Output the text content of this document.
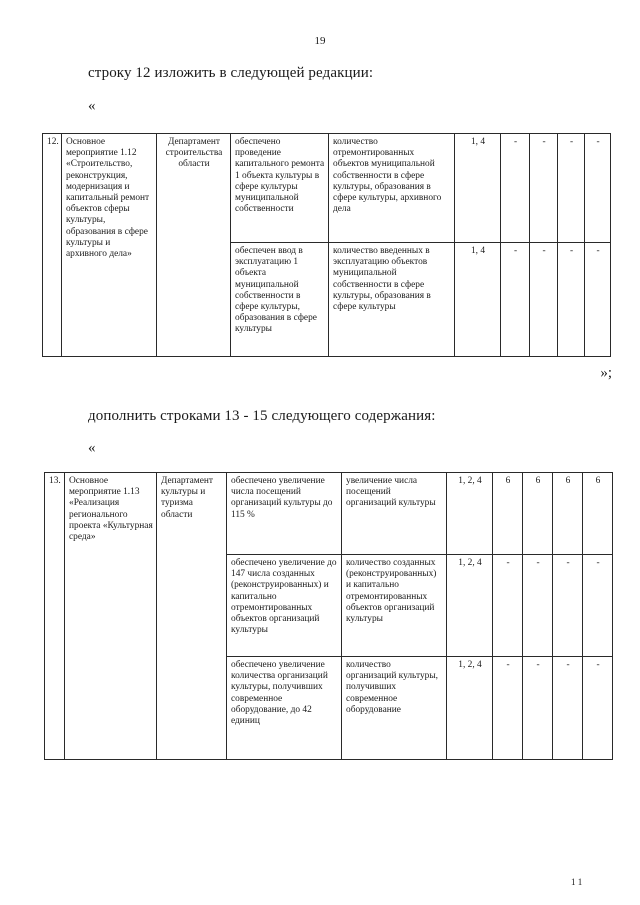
19
строку 12 изложить в следующей редакции:
«
12.	Основное мероприятие 1.12 «Строительство, реконструкция, модернизация и капитальный ремонт объектов сферы культуры, образования в сфере культуры и архивного дела»	Департамент строительства области	обеспечено проведение капитального ремонта 1 объекта культуры в сфере культуры муниципальной собственности	количество отремонтированных объектов муниципальной собственности в сфере культуры, образования в сфере культуры, архивного дела	1, 4	-	-	-	-
			обеспечен ввод в эксплуатацию 1 объекта муниципальной собственности в сфере культуры, образования в сфере культуры	количество введенных в эксплуатацию объектов муниципальной собственности в сфере культуры, образования в сфере культуры	1, 4	-	-	-	-
»;
дополнить строками 13 - 15 следующего содержания:
«
13.	Основное мероприятие 1.13 «Реализация регионального проекта «Культурная среда»	Департамент культуры и туризма области	обеспечено увеличение числа посещений организаций культуры до 115 %	увеличение числа посещений организаций культуры	1, 2, 4	6	6	6	6
			обеспечено увеличение до 147 числа созданных (реконструированных) и капитально отремонтированных объектов организаций культуры	количество созданных (реконструированных) и капитально отремонтированных объектов организаций культуры	1, 2, 4	-	-	-	-
			обеспечено увеличение количества организаций культуры, получивших современное оборудование, до 42 единиц	количество организаций культуры, получивших современное оборудование	1, 2, 4	-	-	-	-
1 1
